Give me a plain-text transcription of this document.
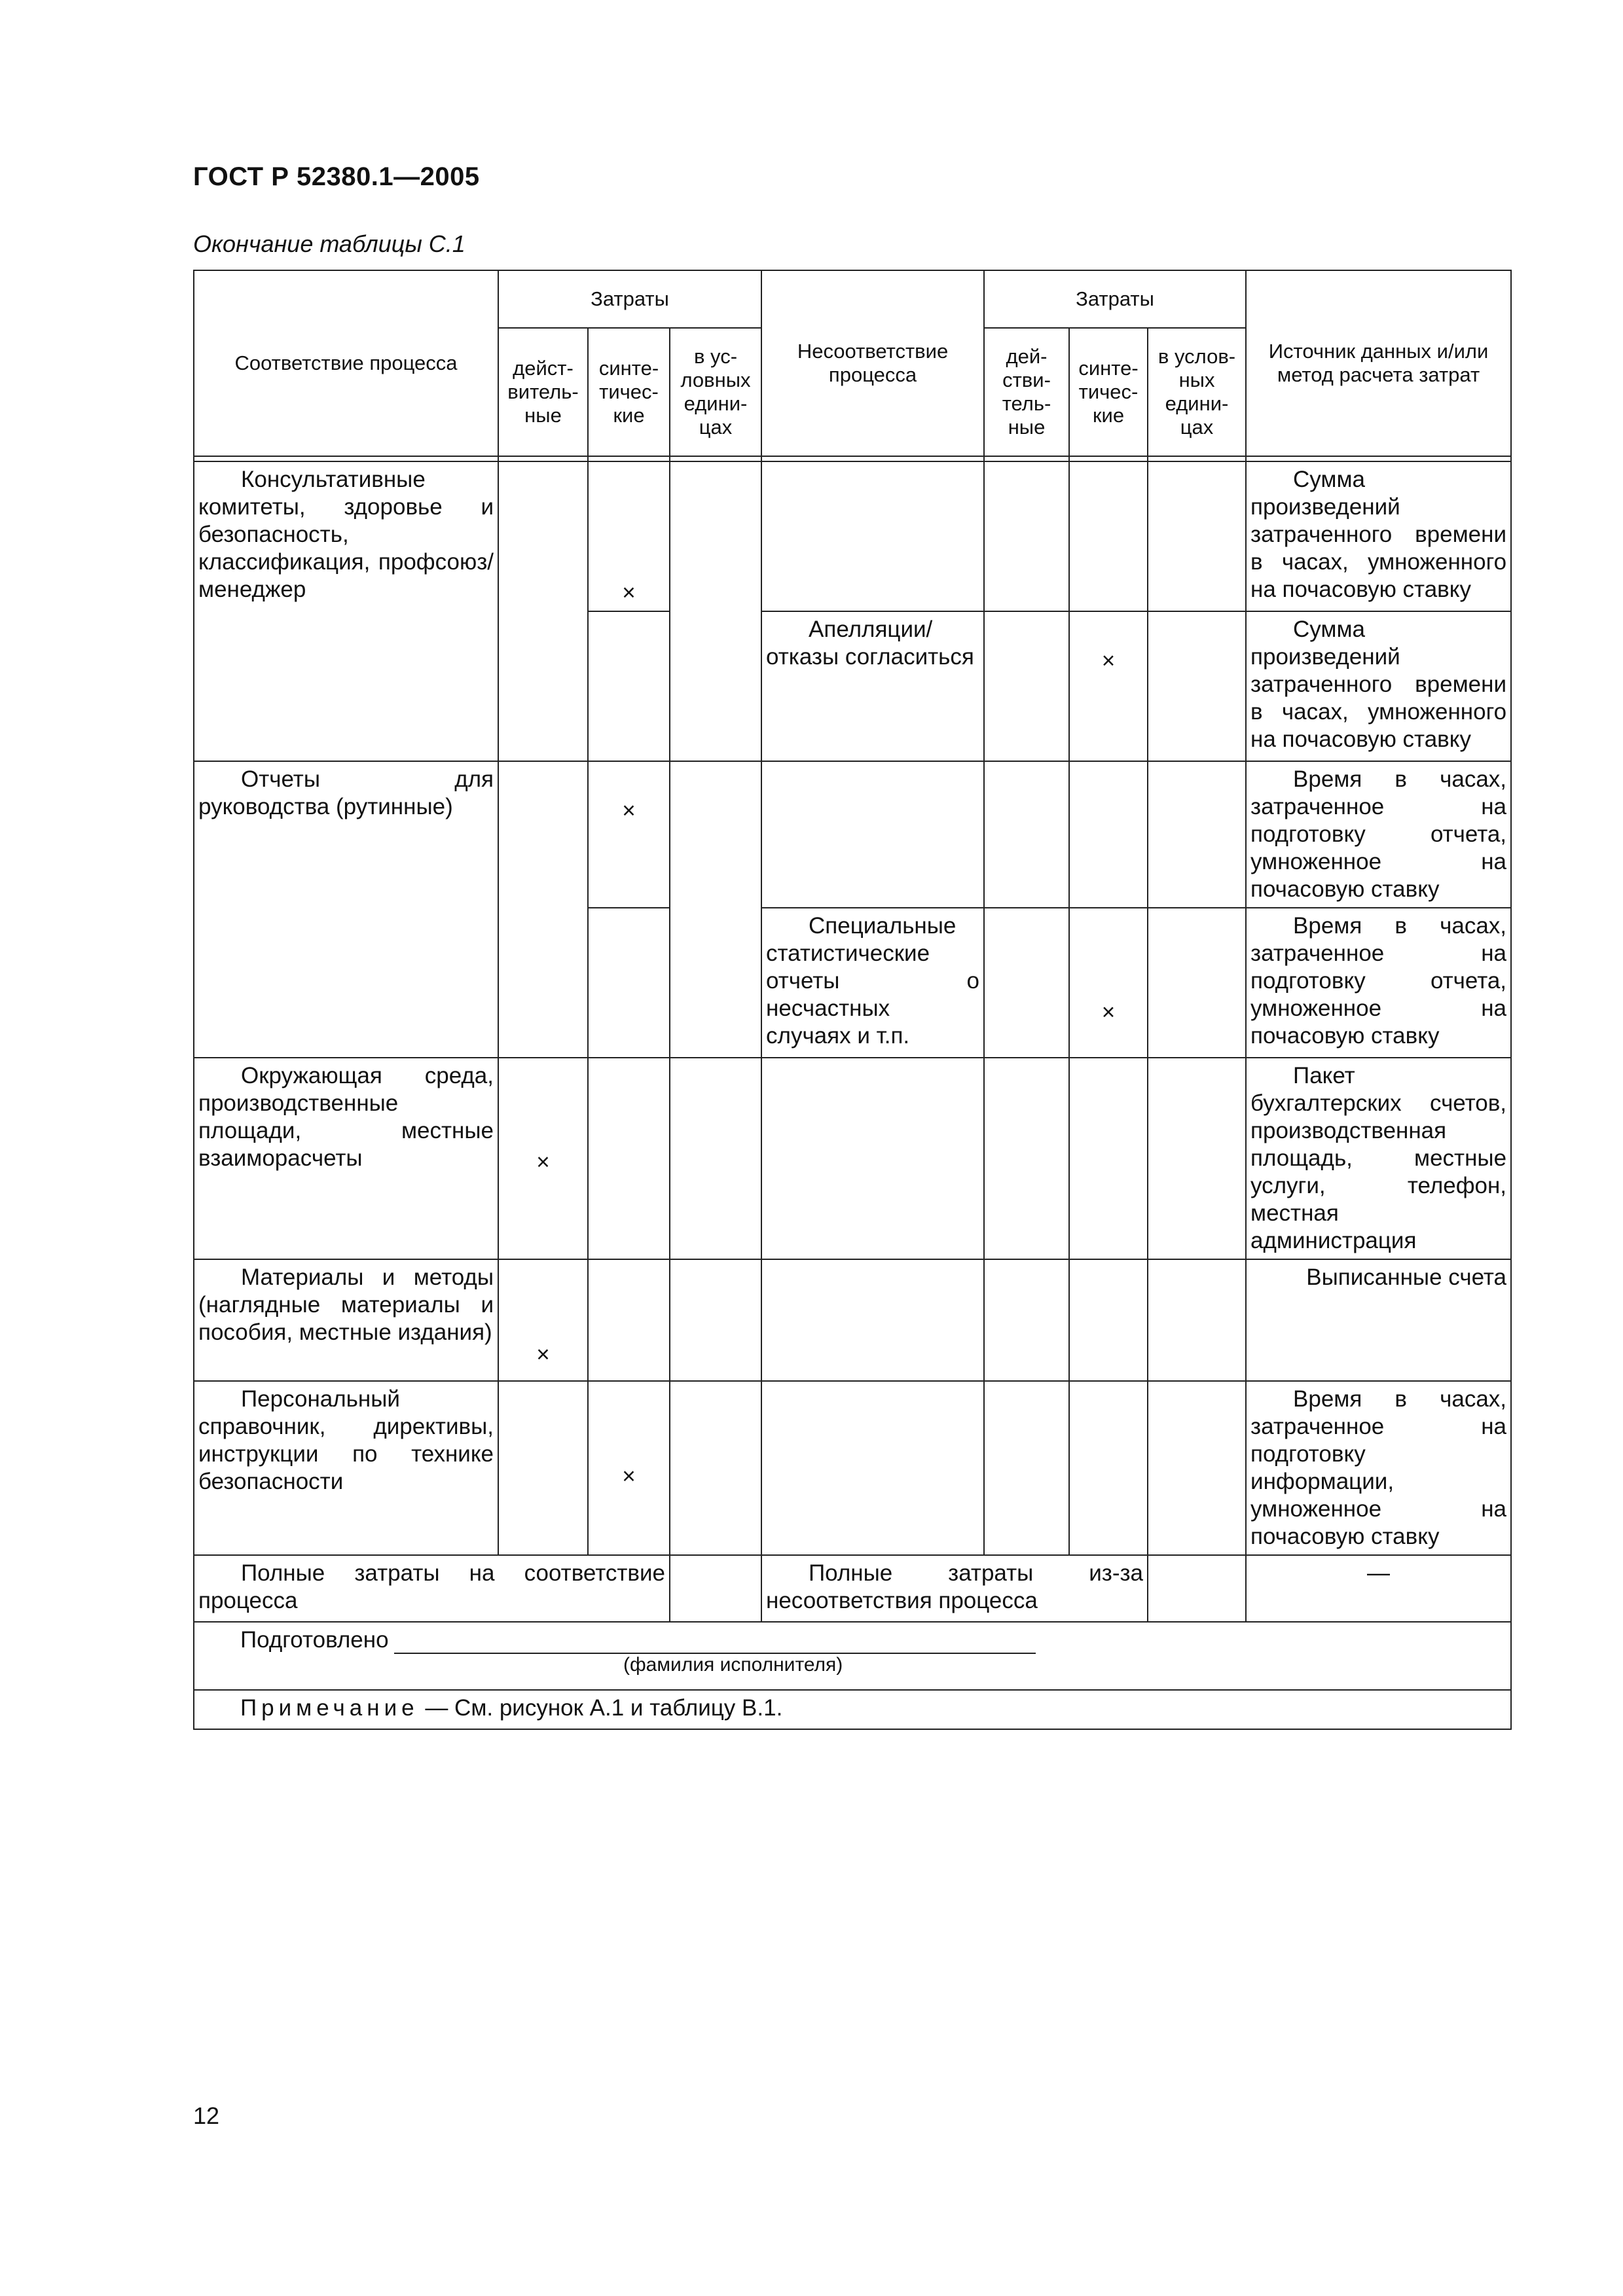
ГОСТ Р 52380.1—2005
Окончание таблицы С.1
Соответствие процесса	Затраты			Несоответствие процесса	Затраты			Источник данных и/или метод расчета затрат
	дейст-витель-ные	синте-тичес-кие	в ус-ловных едини-цах		дей-стви-тель-ные	синте-тичес-кие	в услов-ных едини-цах	

Консультативные комитеты, здоровье и безопасность, классификация, профсоюз/менеджер		×						Сумма произведений затраченного времени в часах, умноженного на почасовую ставку
				Апелляции/отказы согласиться		×		Сумма произведений затраченного времени в часах, умноженного на почасовую ставку
Отчеты для руководства (рутинные)		×						Время в часах, затраченное на подготовку отчета, умноженное на почасовую ставку
				Специальные статистические отчеты о несчастных случаях и т.п.		×		Время в часах, затраченное на подготовку отчета, умноженное на почасовую ставку
Окружающая среда, производственные площади, местные взаиморасчеты	×							Пакет бухгалтерских счетов, производственная площадь, местные услуги, телефон, местная администрация
Материалы и методы (наглядные материалы и пособия, местные издания)	×							Выписанные счета
Персональный справочник, директивы, инструкции по технике безопасности		×						Время в часах, затраченное на подготовку информации, умноженное на почасовую ставку
Полные затраты на соответствие процесса				Полные затраты из-за несоответствия процесса				—
Подготовлено
(фамилия исполнителя)								

Примечание — См. рисунок А.1 и таблицу В.1.								
12
